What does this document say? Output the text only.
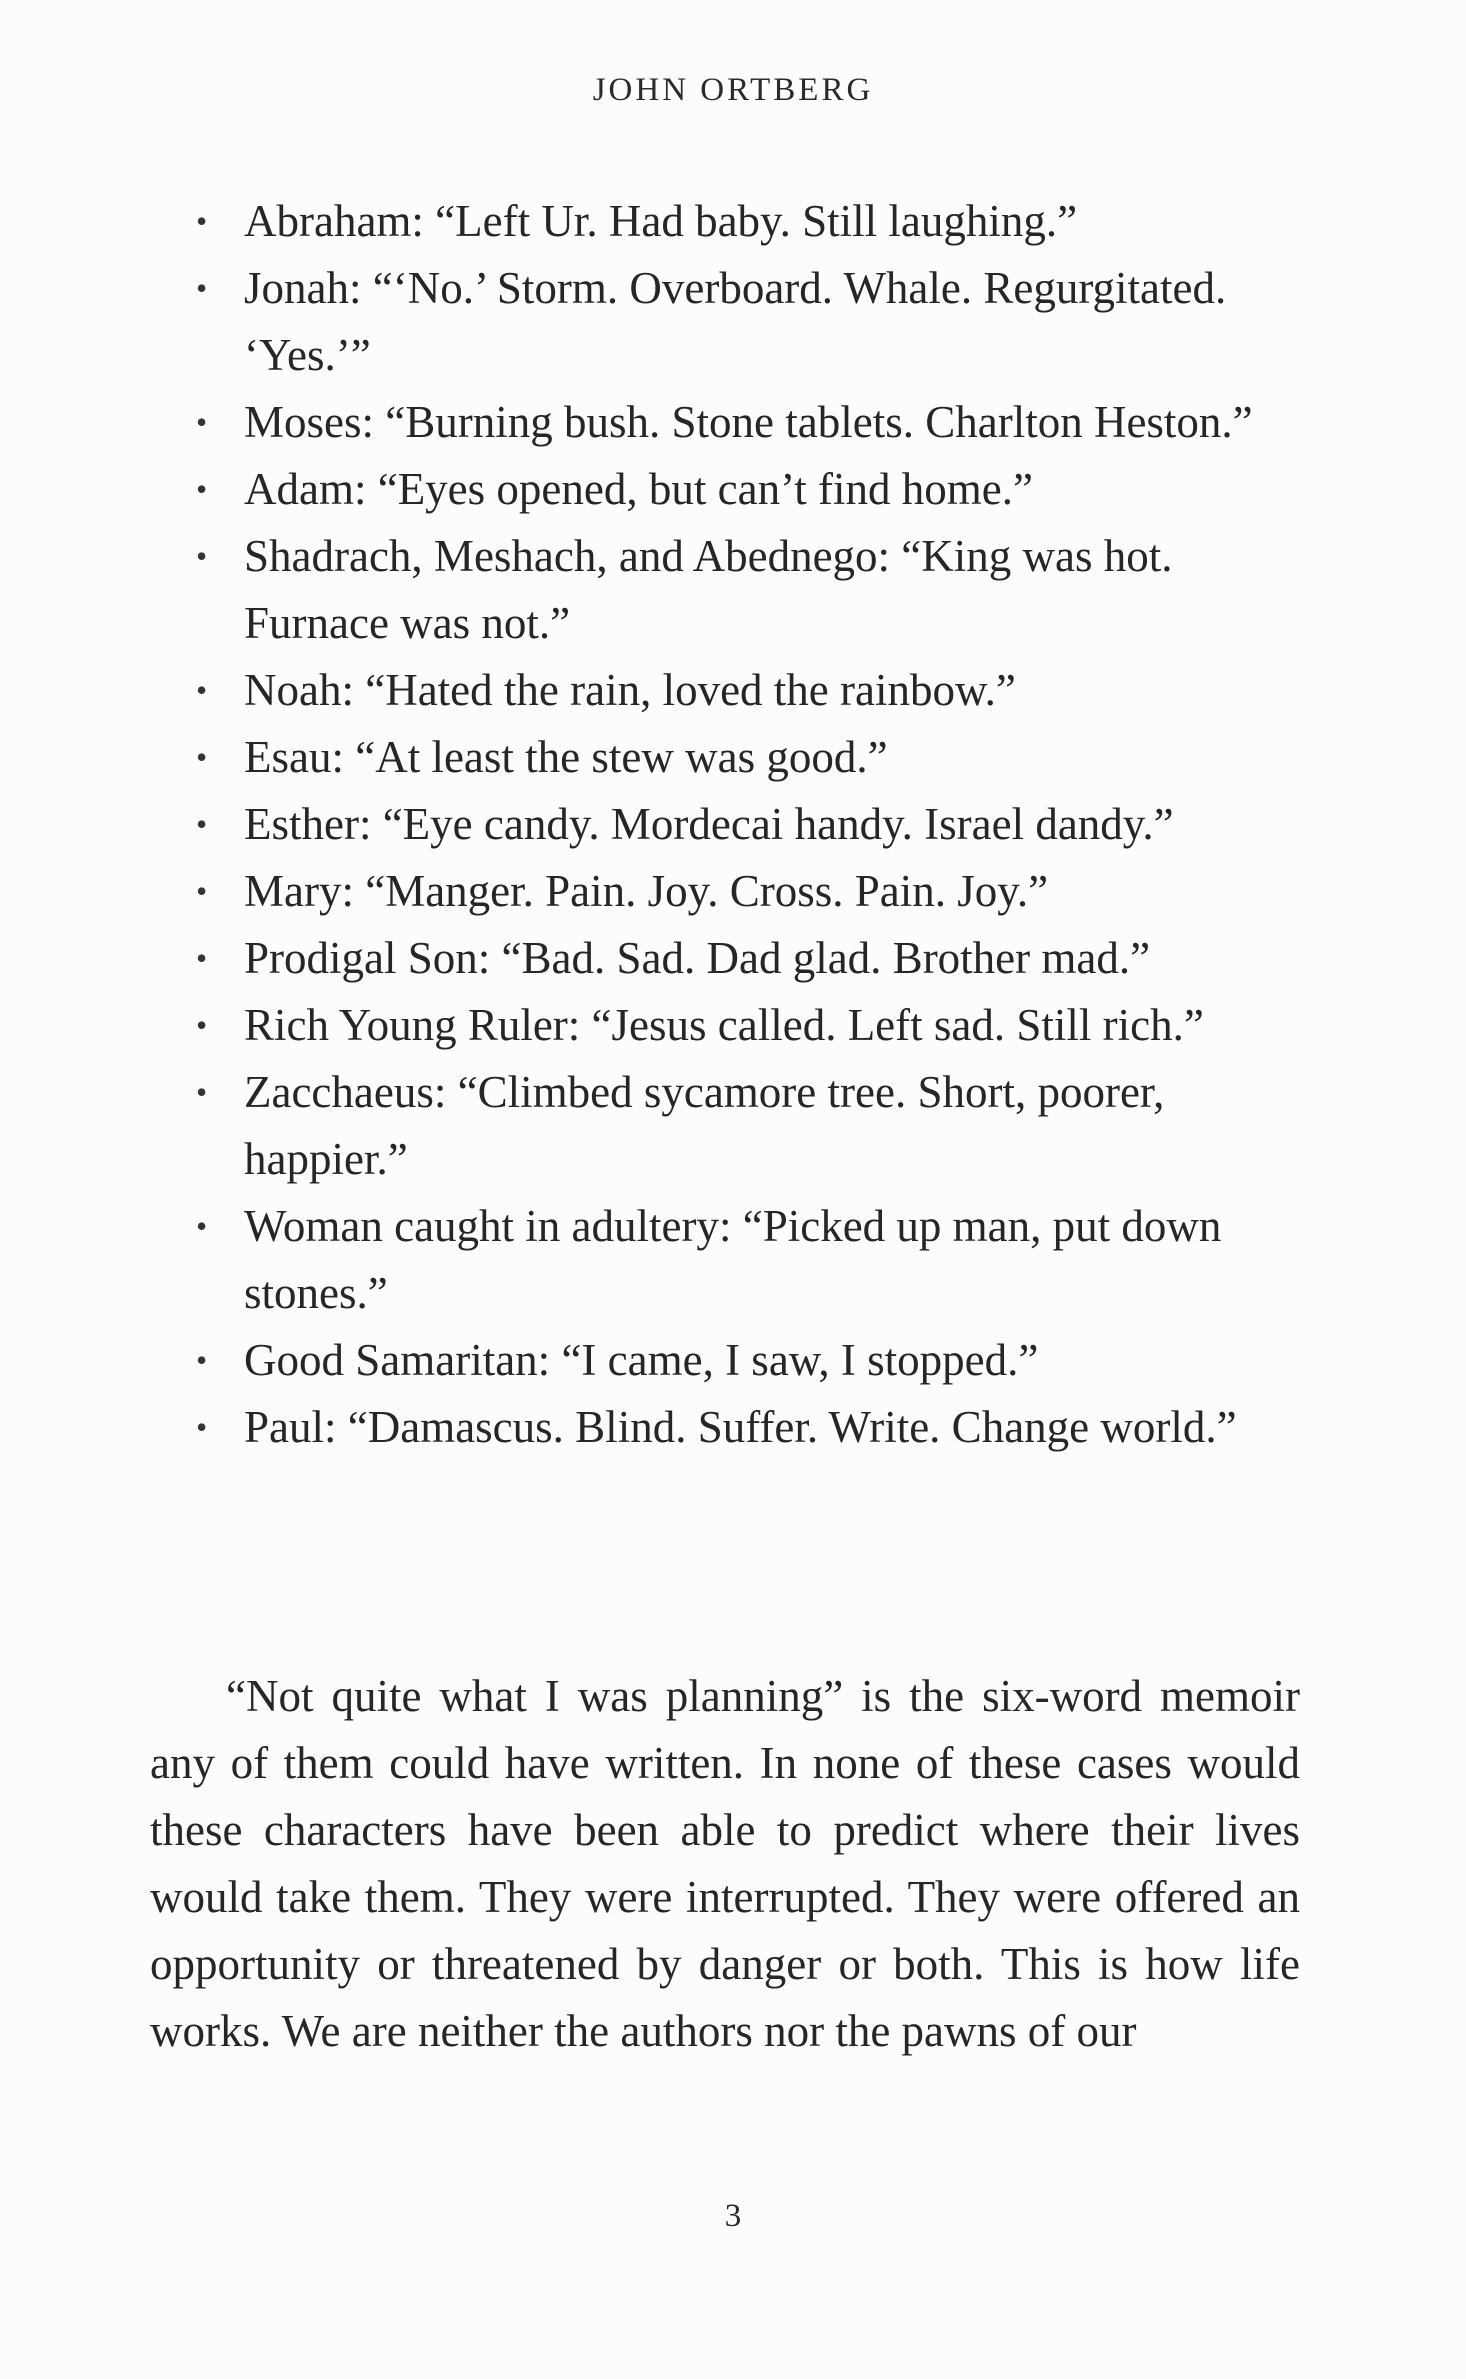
JOHN ORTBERG
• Abraham: “Left Ur. Had baby. Still laughing.”
• Jonah: “‘No.’ Storm. Overboard. Whale. Regurgitated. ‘Yes.’”
• Moses: “Burning bush. Stone tablets. Charlton Heston.”
• Adam: “Eyes opened, but can’t find home.”
• Shadrach, Meshach, and Abednego: “King was hot. Furnace was not.”
• Noah: “Hated the rain, loved the rainbow.”
• Esau: “At least the stew was good.”
• Esther: “Eye candy. Mordecai handy. Israel dandy.”
• Mary: “Manger. Pain. Joy. Cross. Pain. Joy.”
• Prodigal Son: “Bad. Sad. Dad glad. Brother mad.”
• Rich Young Ruler: “Jesus called. Left sad. Still rich.”
• Zacchaeus: “Climbed sycamore tree. Short, poorer, happier.”
• Woman caught in adultery: “Picked up man, put down stones.”
• Good Samaritan: “I came, I saw, I stopped.”
• Paul: “Damascus. Blind. Suffer. Write. Change world.”

“Not quite what I was planning” is the six-word memoir any of them could have written. In none of these cases would these characters have been able to predict where their lives would take them. They were interrupted. They were offered an opportunity or threatened by danger or both. This is how life works. We are neither the authors nor the pawns of our

3
